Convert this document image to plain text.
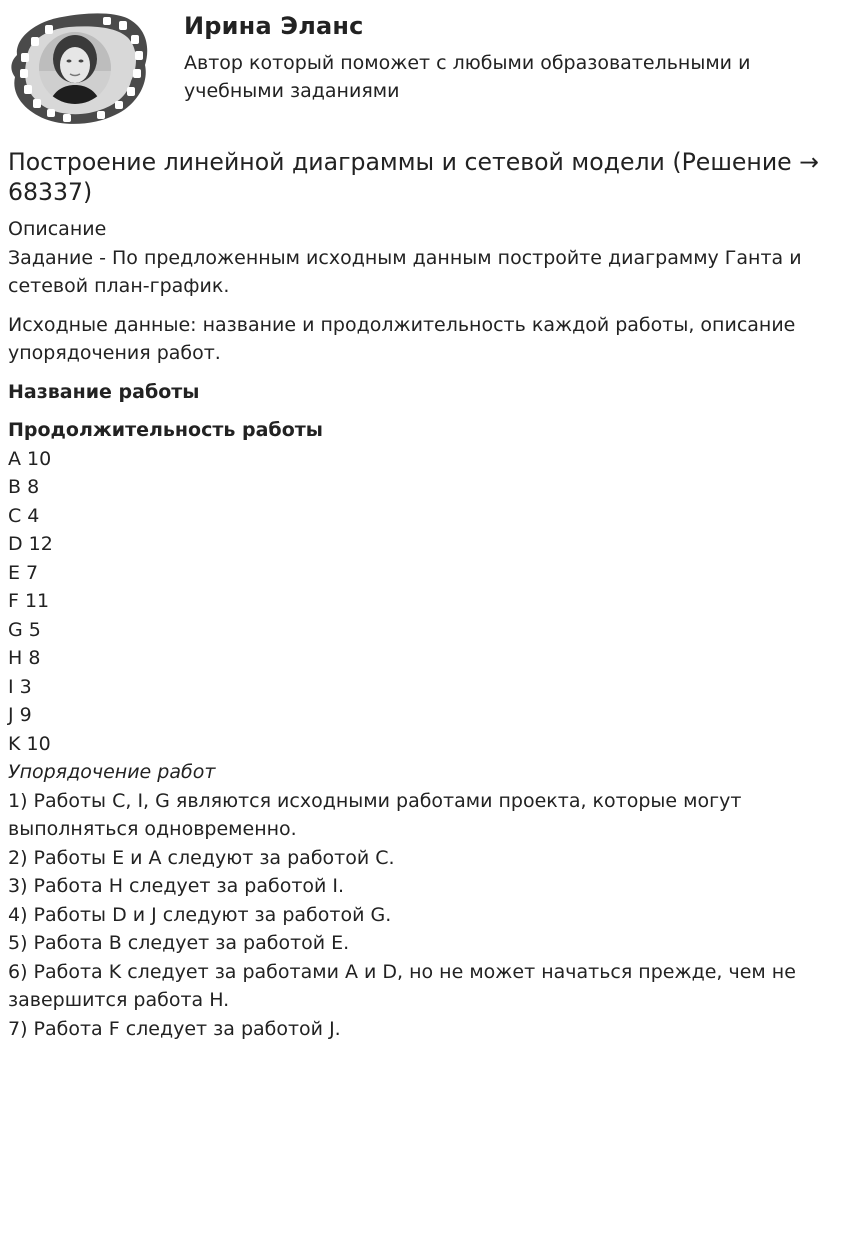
Ирина Эланс
Автор который поможет с любыми образовательными и учебными заданиями
Построение линейной диаграммы и сетевой модели (Решение → 68337)
Описание
Задание - По предложенным исходным данным постройте диаграмму Ганта и сетевой план-график.
Исходные данные: название и продолжительность каждой работы, описание упорядочения работ.
Название работы
Продолжительность работы
A 10
B 8
C 4
D 12
E 7
F 11
G 5
H 8
I 3
J 9
K 10
Упорядочение работ
1) Работы C, I, G являются исходными работами проекта, которые могут выполняться одновременно.
2) Работы E и A следуют за работой C.
3) Работа H следует за работой I.
4) Работы D и J следуют за работой G.
5) Работа B следует за работой E.
6) Работа K следует за работами A и D, но не может начаться прежде, чем не завершится работа H.
7) Работа F следует за работой J.
